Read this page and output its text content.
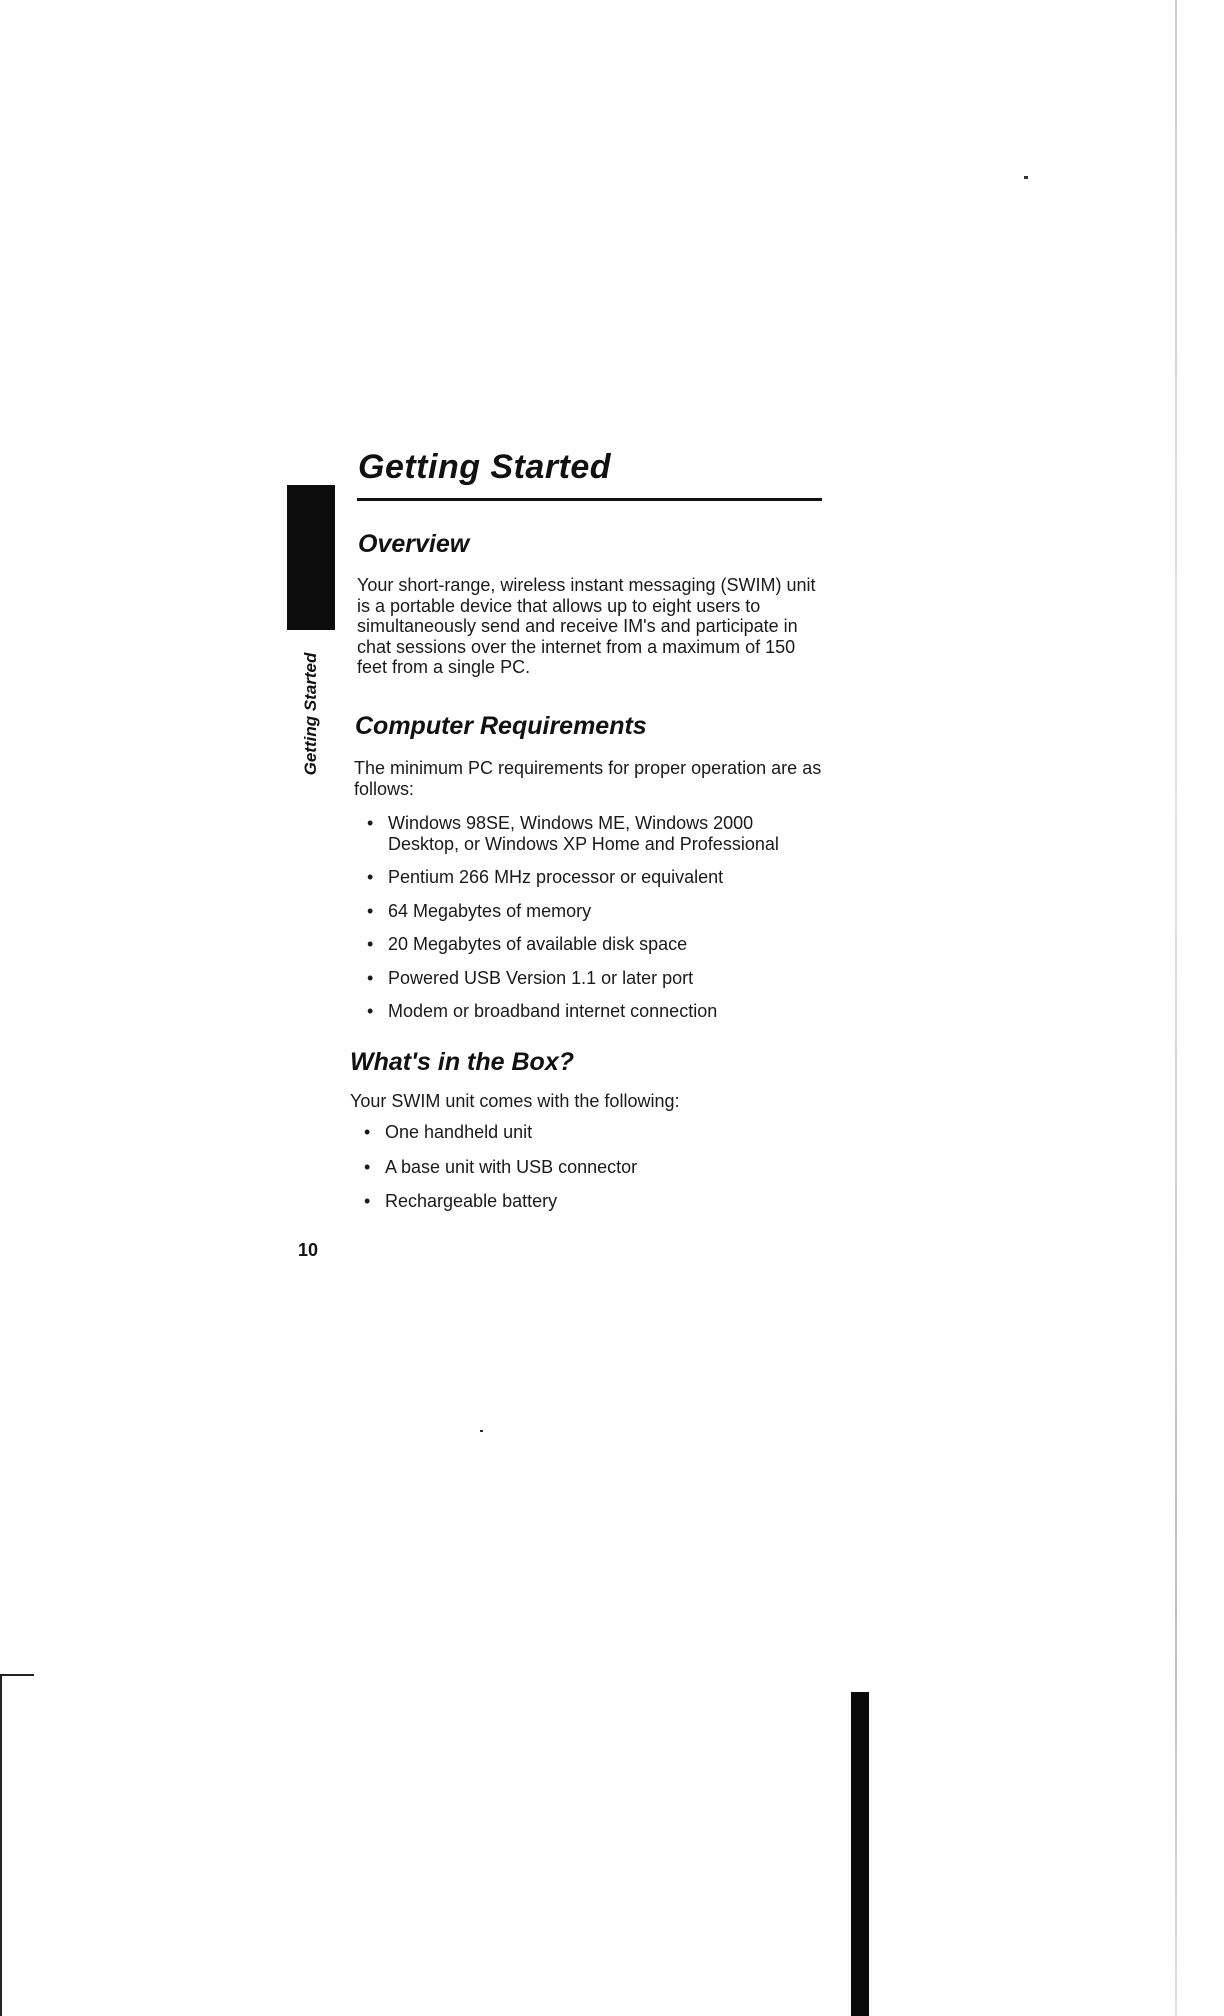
Getting Started
Getting Started
Overview

Your short-range, wireless instant messaging (SWIM) unit is a portable device that allows up to eight users to simultaneously send and receive IM's and participate in chat sessions over the internet from a maximum of 150 feet from a single PC.

Computer Requirements

The minimum PC requirements for proper operation are as follows:

• Windows 98SE, Windows ME, Windows 2000 Desktop, or Windows XP Home and Professional
• Pentium 266 MHz processor or equivalent
• 64 Megabytes of memory
• 20 Megabytes of available disk space
• Powered USB Version 1.1 or later port
• Modem or broadband internet connection
What's in the Box?

Your SWIM unit comes with the following:

• One handheld unit
• A base unit with USB connector
• Rechargeable battery
10
